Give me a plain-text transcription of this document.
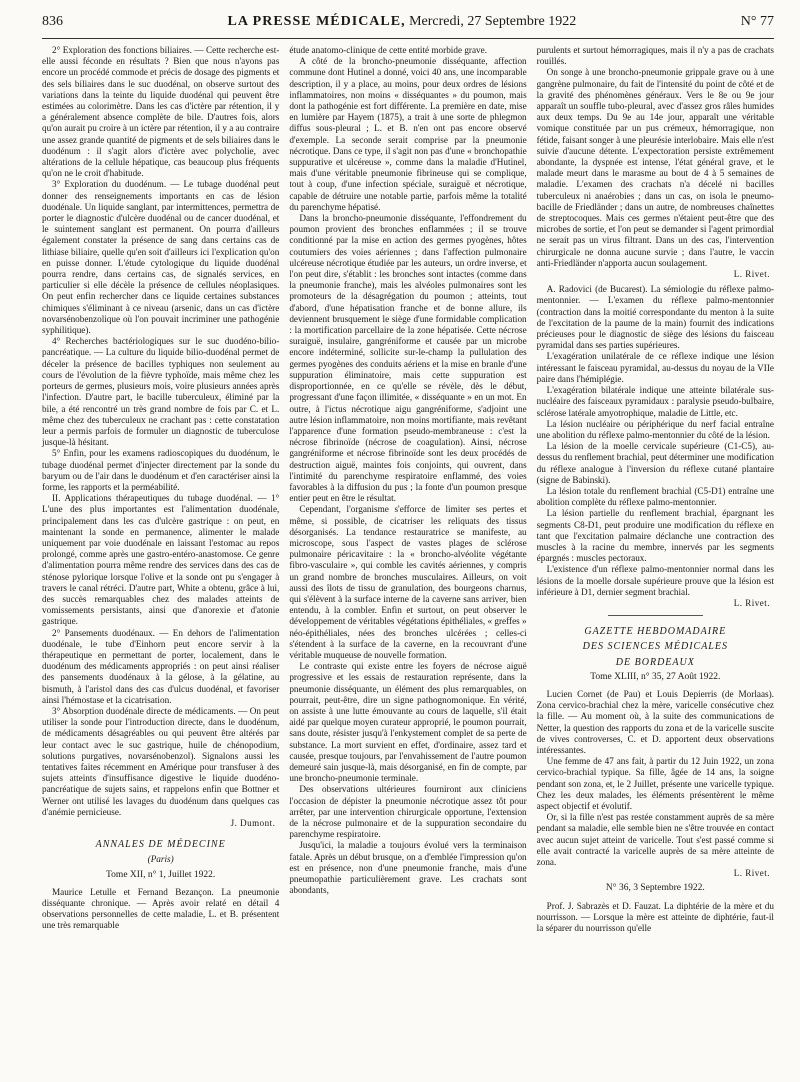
836	LA PRESSE MÉDICALE, Mercredi, 27 Septembre 1922	N° 77

2° Exploration des fonctions biliaires. — Cette recherche est-elle aussi féconde en résultats ? Bien que nous n'ayons pas encore un procédé commode et précis de dosage des pigments et des sels biliaires dans le suc duodénal, on observe surtout des variations dans la teinte du liquide duodénal qui peuvent être estimées au colorimètre. Dans les cas d'ictère par rétention, il y a généralement absence complète de bile. D'autres fois, alors qu'on aurait pu croire à un ictère par rétention, il y a au contraire une assez grande quantité de pigments et de sels biliaires dans le duodénum : il s'agit alors d'ictère avec polycholie, avec altérations de la cellule hépatique, cas beaucoup plus fréquents qu'on ne le croit d'habitude.

3° Exploration du duodénum. — Le tubage duodénal peut donner des renseignements importants en cas de lésion duodénale. Un liquide sanglant, par intermittences, permettra de porter le diagnostic d'ulcère duodénal ou de cancer duodénal, et le suintement sanglant est permanent. On pourra d'ailleurs également constater la présence de sang dans certains cas de lithiase biliaire, quelle qu'en soit d'ailleurs ici l'explication qu'on en puisse donner. L'étude cytologique du liquide duodénal pourra rendre, dans certains cas, de signalés services, en particulier si elle décèle la présence de cellules néoplasiques. On peut enfin rechercher dans ce liquide certaines substances chimiques s'éliminant à ce niveau (arsenic, dans un cas d'ictère novarsénobenzolique où l'on pouvait incriminer une pathogénie syphilitique).

4° Recherches bactériologiques sur le suc duodéno-bilio-pancréatique. — La culture du liquide bilio-duodénal permet de déceler la présence de bacilles typhiques non seulement au cours de l'évolution de la fièvre typhoïde, mais même chez les porteurs de germes, plusieurs mois, voire plusieurs années après l'infection. D'autre part, le bacille tuberculeux, éliminé par la bile, a été rencontré un très grand nombre de fois par C. et L. même chez des tuberculeux ne crachant pas : cette constatation leur a permis parfois de formuler un diagnostic de tuberculose jusque-là hésitant.

5° Enfin, pour les examens radioscopiques du duodénum, le tubage duodénal permet d'injecter directement par la sonde du baryum ou de l'air dans le duodénum et d'en caractériser ainsi la forme, les rapports et la perméabilité.

II. Applications thérapeutiques du tubage duodénal. — 1° L'une des plus importantes est l'alimentation duodénale, principalement dans les cas d'ulcère gastrique : on peut, en maintenant la sonde en permanence, alimenter le malade uniquement par voie duodénale en laissant l'estomac au repos prolongé, comme après une gastro-entéro-anastomose. Ce genre d'alimentation pourra même rendre des services dans des cas de sténose pylorique lorsque l'olive et la sonde ont pu s'engager à travers le canal rétréci. D'autre part, White a obtenu, grâce à lui, des succès remarquables chez des malades atteints de vomissements persistants, ainsi que d'anorexie et d'atonie gastrique.

2° Pansements duodénaux. — En dehors de l'alimentation duodénale, le tube d'Einhorn peut encore servir à la thérapeutique en permettant de porter, localement, dans le duodénum des médicaments appropriés : on peut ainsi réaliser des pansements duodénaux à la gélose, à la gélatine, au bismuth, à l'aristol dans des cas d'ulcus duodénal, et favoriser ainsi l'hémostase et la cicatrisation.

3° Absorption duodénale directe de médicaments. — On peut utiliser la sonde pour l'introduction directe, dans le duodénum, de médicaments désagréables ou qui peuvent être altérés par leur contact avec le suc gastrique, huile de chénopodium, solutions purgatives, novarsénobenzol). Signalons aussi les tentatives faites récemment en Amérique pour transfuser à des sujets atteints d'insuffisance digestive le liquide duodéno-pancréatique de sujets sains, et rappelons enfin que Bottner et Werner ont utilisé les lavages du duodénum dans quelques cas d'anémie pernicieuse.

J. Dumont.
ANNALES DE MÉDECINE
(Paris)
Tome XII, n° 1, Juillet 1922.

Maurice Letulle et Fernand Bezançon. La pneumonie disséquante chronique. — Après avoir relaté en détail 4 observations personnelles de cette maladie, L. et B. présentent une très remarquable

étude anatomo-clinique de cette entité morbide grave.

A côté de la broncho-pneumonie disséquante, affection commune dont Hutinel a donné, voici 40 ans, une incomparable description, il y a place, au moins, pour deux ordres de lésions inflammatoires, non moins « disséquantes » du poumon, mais dont la pathogénie est fort différente. La première en date, mise en lumière par Hayem (1875), a trait à une sorte de phlegmon diffus sous-pleural ; L. et B. n'en ont pas encore observé d'exemple. La seconde serait comprise par la pneumonie nécrotique. Dans ce type, il s'agit non pas d'une « bronchopathie suppurative et ulcéreuse », comme dans la maladie d'Hutinel, mais d'une véritable pneumonie fibrineuse qui se complique, tout à coup, d'une infection spéciale, suraiguë et nécrotique, capable de détruire une notable partie, parfois même la totalité du parenchyme hépatisé.

Dans la broncho-pneumonie disséquante, l'effondrement du poumon provient des bronches enflammées ; il se trouve conditionné par la mise en action des germes pyogènes, hôtes coutumiers des voies aériennes ; dans l'affection pulmonaire ulcéreuse nécrotique étudiée par les auteurs, un ordre inverse, et l'on peut dire, s'établit : les bronches sont intactes (comme dans la pneumonie franche), mais les alvéoles pulmonaires sont les promoteurs de la désagrégation du poumon ; atteints, tout d'abord, d'une hépatisation franche et de bonne allure, ils deviennent brusquement le siège d'une formidable complication : la mortification parcellaire de la zone hépatisée. Cette nécrose suraiguë, insulaire, gangréniforme et causée par un microbe encore indéterminé, sollicite sur-le-champ la pullulation des germes pyogènes des conduits aériens et la mise en branle d'une suppuration éliminatoire, mais cette suppuration est disproportionnée, en ce qu'elle se révèle, dès le début, progressant d'une façon illimitée, « disséquante » en un mot. En outre, à l'ictus nécrotique aigu gangréniforme, s'adjoint une autre lésion inflammatoire, non moins mortifiante, mais revêtant l'apparence d'une formation pseudo-membraneuse : c'est la nécrose fibrinoïde (nécrose de coagulation). Ainsi, nécrose gangréniforme et nécrose fibrinoïde sont les deux procédés de destruction aiguë, maintes fois conjoints, qui ouvrent, dans l'intimité du parenchyme respiratoire enflammé, des voies favorables à la diffusion du pus ; la fonte d'un poumon presque entier peut en être le résultat.

Cependant, l'organisme s'efforce de limiter ses pertes et même, si possible, de cicatriser les reliquats des tissus désorganisés. La tendance restauratrice se manifeste, au microscope, sous l'aspect de vastes plages de sclérose pulmonaire péricavitaire : la « broncho-alvéolite végétante fibro-vasculaire », qui comble les cavités aériennes, y compris un grand nombre de bronches musculaires. Ailleurs, on voit aussi des îlots de tissu de granulation, des bourgeons charnus, qui s'élèvent à la surface interne de la caverne sans arriver, bien entendu, à la combler. Enfin et surtout, on peut observer le développement de véritables végétations épithéliales, « greffes » néo-épithéliales, nées des bronches ulcérées ; celles-ci s'étendent à la surface de la caverne, en la recouvrant d'une véritable muqueuse de nouvelle formation.

Le contraste qui existe entre les foyers de nécrose aiguë progressive et les essais de restauration représente, dans la pneumonie disséquante, un élément des plus remarquables, on pourrait, peut-être, dire un signe pathognomonique. En vérité, on assiste à une lutte émouvante au cours de laquelle, s'il était aidé par quelque moyen curateur approprié, le poumon pourrait, sans doute, résister jusqu'à l'enkystement complet de sa perte de substance. La mort survient en effet, d'ordinaire, assez tard et causée, presque toujours, par l'envahissement de l'autre poumon demeuré sain jusque-là, mais désorganisé, en fin de compte, par une broncho-pneumonie terminale.

Des observations ultérieures fourniront aux cliniciens l'occasion de dépister la pneumonie nécrotique assez tôt pour arrêter, par une intervention chirurgicale opportune, l'extension de la nécrose pulmonaire et de la suppuration secondaire du parenchyme respiratoire.

Jusqu'ici, la maladie a toujours évolué vers la terminaison fatale. Après un début brusque, on a d'emblée l'impression qu'on est en présence, non d'une pneumonie franche, mais d'une pneumopathie particulièrement grave. Les crachats sont abondants,

purulents et surtout hémorragiques, mais il n'y a pas de crachats rouillés.

On songe à une broncho-pneumonie grippale grave ou à une gangrène pulmonaire, du fait de l'intensité du point de côté et de la gravité des phénomènes généraux. Vers le 8e ou 9e jour apparaît un souffle tubo-pleural, avec d'assez gros râles humides aux deux temps. Du 9e au 14e jour, apparaît une véritable vomique constituée par un pus crémeux, hémorragique, non fétide, faisant songer à une pleurésie interlobaire. Mais elle n'est suivie d'aucune détente. L'expectoration persiste extrêmement abondante, la dyspnée est intense, l'état général grave, et le malade meurt dans le marasme au bout de 4 à 5 semaines de maladie. L'examen des crachats n'a décelé ni bacilles tuberculeux ni anaérobies ; dans un cas, on isola le pneumo-bacille de Friedländer ; dans un autre, de nombreuses chaînettes de streptocoques. Mais ces germes n'étaient peut-être que des microbes de sortie, et l'on peut se demander si l'agent primordial ne serait pas un virus filtrant. Dans un des cas, l'intervention chirurgicale ne donna aucune survie ; dans l'autre, le vaccin anti-Friedländer n'apporta aucun soulagement.

L. Rivet.

A. Radovici (de Bucarest). La sémiologie du réflexe palmo-mentonnier. — L'examen du réflexe palmo-mentonnier (contraction dans la moitié correspondante du menton à la suite de l'excitation de la paume de la main) fournit des indications précieuses pour le diagnostic de siège des lésions du faisceau pyramidal dans ses parties supérieures.

L'exagération unilatérale de ce réflexe indique une lésion intéressant le faisceau pyramidal, au-dessus du noyau de la VIIe paire dans l'hémiplégie.

L'exagération bilatérale indique une atteinte bilatérale sus-nucléaire des faisceaux pyramidaux : paralysie pseudo-bulbaire, sclérose latérale amyotrophique, maladie de Little, etc.

La lésion nucléaire ou périphérique du nerf facial entraîne une abolition du réflexe palmo-mentonnier du côté de la lésion.

La lésion de la moelle cervicale supérieure (C1-C5), au-dessus du renflement brachial, peut déterminer une modification du réflexe analogue à l'inversion du réflexe cutané plantaire (signe de Babinski).

La lésion totale du renflement brachial (C5-D1) entraîne une abolition complète du réflexe palmo-mentonnier.

La lésion partielle du renflement brachial, épargnant les segments C8-D1, peut produire une modification du réflexe en tant que l'excitation palmaire déclanche une contraction des muscles à la racine du membre, innervés par les segments épargnés : muscles pectoraux.

L'existence d'un réflexe palmo-mentonnier normal dans les lésions de la moelle dorsale supérieure prouve que la lésion est inférieure à D1, dernier segment brachial.

L. Rivet.
GAZETTE HEBDOMADAIRE
DES SCIENCES MÉDICALES
DE BORDEAUX
Tome XLIII, n° 35, 27 Août 1922.

Lucien Cornet (de Pau) et Louis Depierris (de Morlaas). Zona cervico-brachial chez la mère, varicelle consécutive chez la fille. — Au moment où, à la suite des communications de Netter, la question des rapports du zona et de la varicelle suscite de vives controverses, C. et D. apportent deux observations intéressantes.

Une femme de 47 ans fait, à partir du 12 Juin 1922, un zona cervico-brachial typique. Sa fille, âgée de 14 ans, la soigne pendant son zona, et, le 2 Juillet, présente une varicelle typique. Chez les deux malades, les éléments présentèrent le même aspect objectif et évolutif.

Or, si la fille n'est pas restée constamment auprès de sa mère pendant sa maladie, elle semble bien ne s'être trouvée en contact avec aucun sujet atteint de varicelle. Tout s'est passé comme si elle avait contracté la varicelle auprès de sa mère atteinte de zona.

L. Rivet.
N° 36, 3 Septembre 1922.

Prof. J. Sabrazès et D. Fauzat. La diphtérie de la mère et du nourrisson. — Lorsque la mère est atteinte de diphtérie, faut-il la séparer du nourrisson qu'elle
